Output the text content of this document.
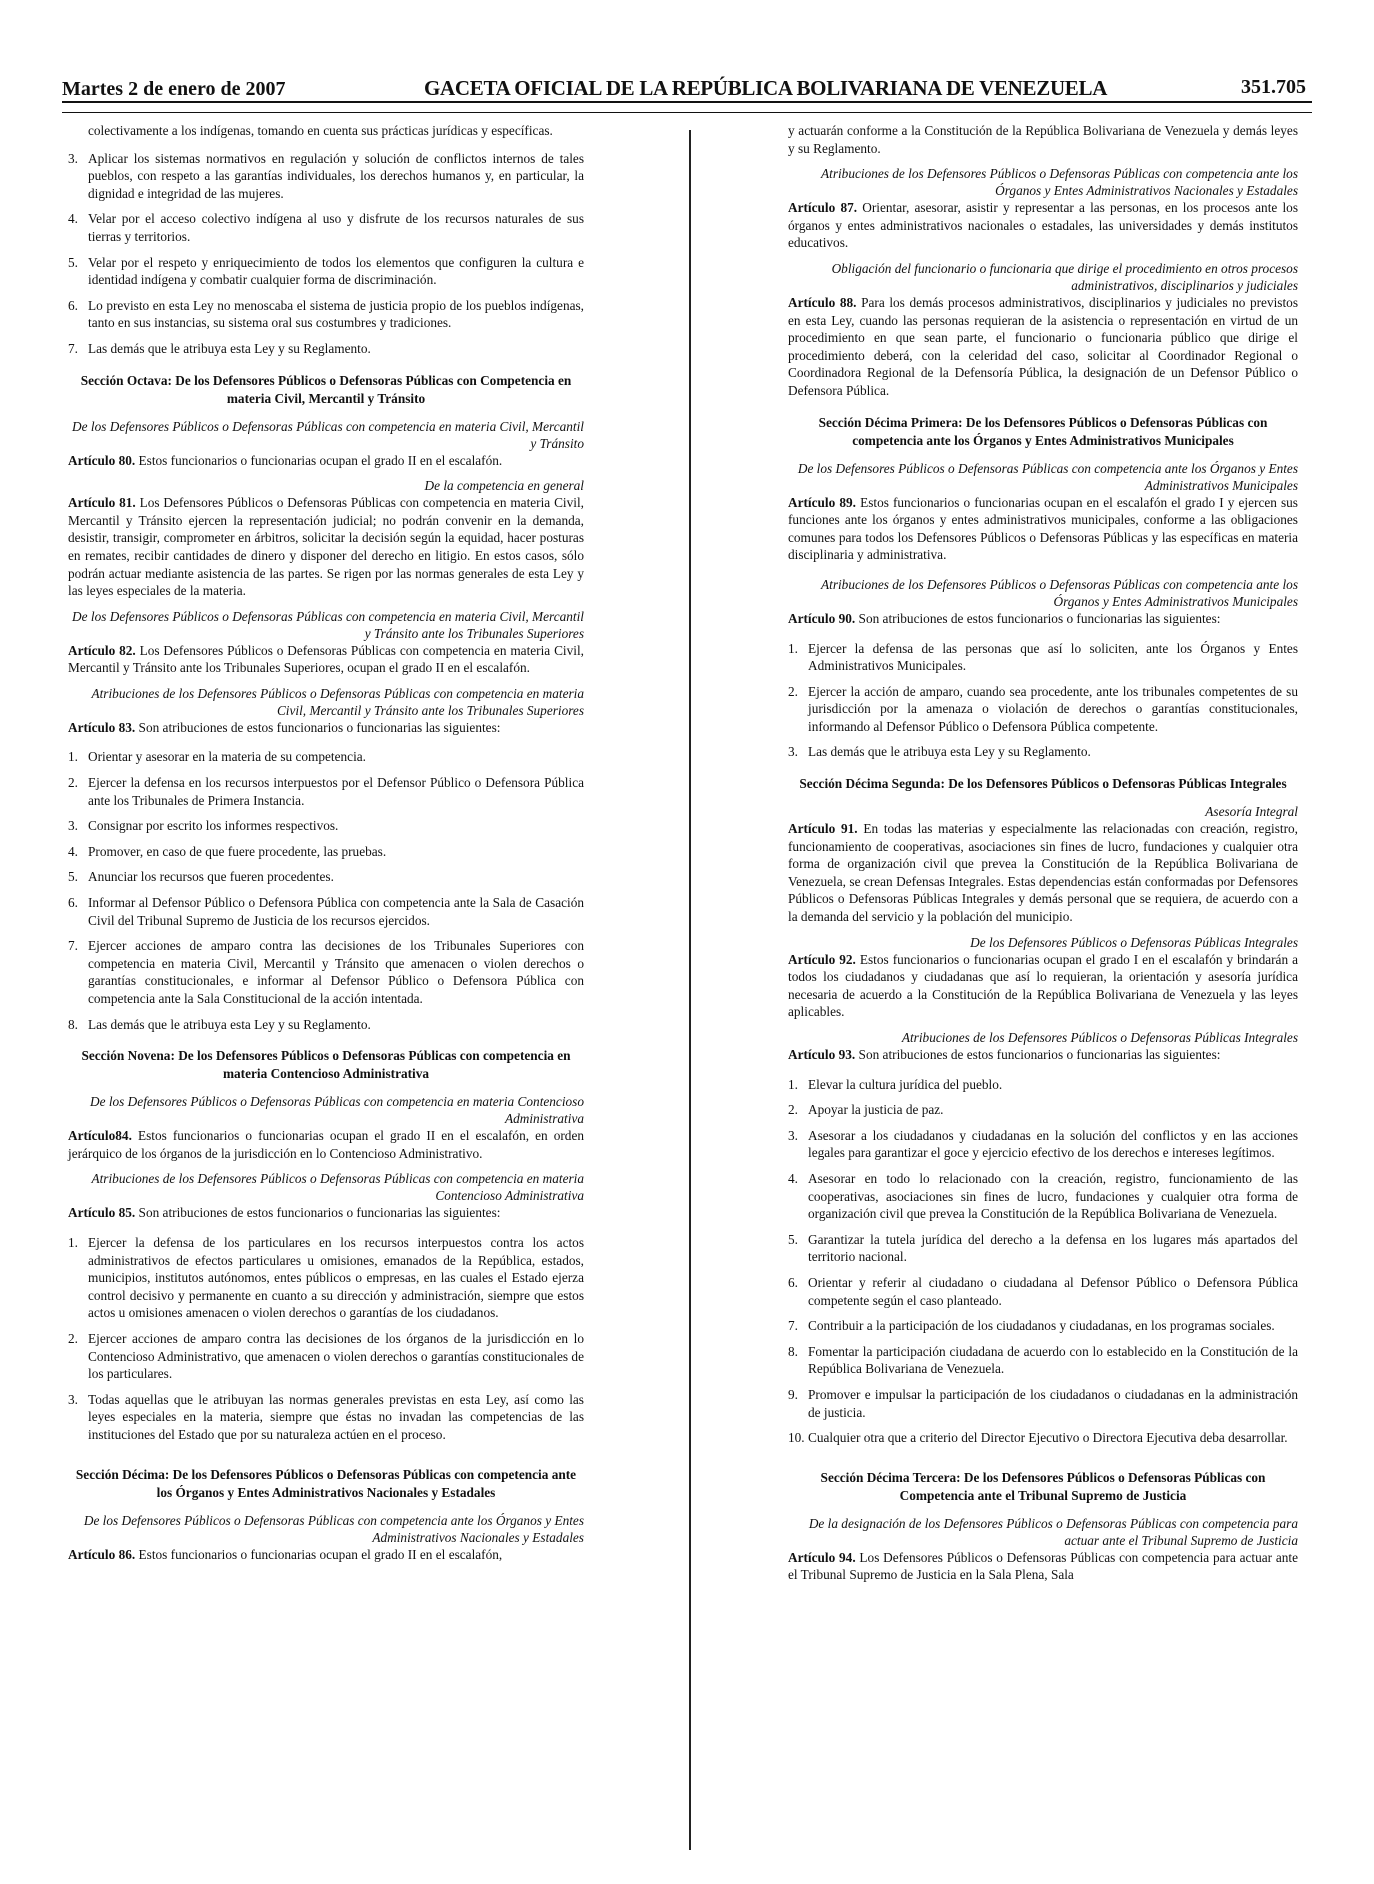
Martes 2 de enero de 2007	GACETA OFICIAL DE LA REPÚBLICA BOLIVARIANA DE VENEZUELA	351.705
colectivamente a los indígenas, tomando en cuenta sus prácticas jurídicas y específicas.
3. Aplicar los sistemas normativos en regulación y solución de conflictos internos de tales pueblos, con respeto a las garantías individuales, los derechos humanos y, en particular, la dignidad e integridad de las mujeres.
4. Velar por el acceso colectivo indígena al uso y disfrute de los recursos naturales de sus tierras y territorios.
5. Velar por el respeto y enriquecimiento de todos los elementos que configuren la cultura e identidad indígena y combatir cualquier forma de discriminación.
6. Lo previsto en esta Ley no menoscaba el sistema de justicia propio de los pueblos indígenas, tanto en sus instancias, su sistema oral sus costumbres y tradiciones.
7. Las demás que le atribuya esta Ley y su Reglamento.
Sección Octava: De los Defensores Públicos o Defensoras Públicas con Competencia en materia Civil, Mercantil y Tránsito
De los Defensores Públicos o Defensoras Públicas con competencia en materia Civil, Mercantil y Tránsito
Artículo 80. Estos funcionarios o funcionarias ocupan el grado II en el escalafón.
De la competencia en general
Artículo 81. Los Defensores Públicos o Defensoras Públicas con competencia en materia Civil, Mercantil y Tránsito ejercen la representación judicial; no podrán convenir en la demanda, desistir, transigir, comprometer en árbitros, solicitar la decisión según la equidad, hacer posturas en remates, recibir cantidades de dinero y disponer del derecho en litigio. En estos casos, sólo podrán actuar mediante asistencia de las partes. Se rigen por las normas generales de esta Ley y las leyes especiales de la materia.
De los Defensores Públicos o Defensoras Públicas con competencia en materia Civil, Mercantil y Tránsito ante los Tribunales Superiores
Artículo 82. Los Defensores Públicos o Defensoras Públicas con competencia en materia Civil, Mercantil y Tránsito ante los Tribunales Superiores, ocupan el grado II en el escalafón.
Atribuciones de los Defensores Públicos o Defensoras Públicas con competencia en materia Civil, Mercantil y Tránsito ante los Tribunales Superiores
Artículo 83. Son atribuciones de estos funcionarios o funcionarias las siguientes:
1. Orientar y asesorar en la materia de su competencia.
2. Ejercer la defensa en los recursos interpuestos por el Defensor Público o Defensora Pública ante los Tribunales de Primera Instancia.
3. Consignar por escrito los informes respectivos.
4. Promover, en caso de que fuere procedente, las pruebas.
5. Anunciar los recursos que fueren procedentes.
6. Informar al Defensor Público o Defensora Pública con competencia ante la Sala de Casación Civil del Tribunal Supremo de Justicia de los recursos ejercidos.
7. Ejercer acciones de amparo contra las decisiones de los Tribunales Superiores con competencia en materia Civil, Mercantil y Tránsito que amenacen o violen derechos o garantías constitucionales, e informar al Defensor Público o Defensora Pública con competencia ante la Sala Constitucional de la acción intentada.
8. Las demás que le atribuya esta Ley y su Reglamento.
Sección Novena: De los Defensores Públicos o Defensoras Públicas con competencia en materia Contencioso Administrativa
De los Defensores Públicos o Defensoras Públicas con competencia en materia Contencioso Administrativa
Artículo84. Estos funcionarios o funcionarias ocupan el grado II en el escalafón, en orden jerárquico de los órganos de la jurisdicción en lo Contencioso Administrativo.
Atribuciones de los Defensores Públicos o Defensoras Públicas con competencia en materia Contencioso Administrativa
Artículo 85. Son atribuciones de estos funcionarios o funcionarias las siguientes:
1. Ejercer la defensa de los particulares en los recursos interpuestos contra los actos administrativos de efectos particulares u omisiones, emanados de la República, estados, municipios, institutos autónomos, entes públicos o empresas, en las cuales el Estado ejerza control decisivo y permanente en cuanto a su dirección y administración, siempre que estos actos u omisiones amenacen o violen derechos o garantías de los ciudadanos.
2. Ejercer acciones de amparo contra las decisiones de los órganos de la jurisdicción en lo Contencioso Administrativo, que amenacen o violen derechos o garantías constitucionales de los particulares.
3. Todas aquellas que le atribuyan las normas generales previstas en esta Ley, así como las leyes especiales en la materia, siempre que éstas no invadan las competencias de las instituciones del Estado que por su naturaleza actúen en el proceso.
Sección Décima: De los Defensores Públicos o Defensoras Públicas con competencia ante los Órganos y Entes Administrativos Nacionales y Estadales
De los Defensores Públicos o Defensoras Públicas con competencia ante los Órganos y Entes Administrativos Nacionales y Estadales
Artículo 86. Estos funcionarios o funcionarias ocupan el grado II en el escalafón,
y actuarán conforme a la Constitución de la República Bolivariana de Venezuela y demás leyes y su Reglamento.
Atribuciones de los Defensores Públicos o Defensoras Públicas con competencia ante los Órganos y Entes Administrativos Nacionales y Estadales
Artículo 87. Orientar, asesorar, asistir y representar a las personas, en los procesos ante los órganos y entes administrativos nacionales o estadales, las universidades y demás institutos educativos.
Obligación del funcionario o funcionaria que dirige el procedimiento en otros procesos administrativos, disciplinarios y judiciales
Artículo 88. Para los demás procesos administrativos, disciplinarios y judiciales no previstos en esta Ley, cuando las personas requieran de la asistencia o representación en virtud de un procedimiento en que sean parte, el funcionario o funcionaria público que dirige el procedimiento deberá, con la celeridad del caso, solicitar al Coordinador Regional o Coordinadora Regional de la Defensoría Pública, la designación de un Defensor Público o Defensora Pública.
Sección Décima Primera: De los Defensores Públicos o Defensoras Públicas con competencia ante los Órganos y Entes Administrativos Municipales
De los Defensores Públicos o Defensoras Públicas con competencia ante los Órganos y Entes Administrativos Municipales
Artículo 89. Estos funcionarios o funcionarias ocupan en el escalafón el grado I y ejercen sus funciones ante los órganos y entes administrativos municipales, conforme a las obligaciones comunes para todos los Defensores Públicos o Defensoras Públicas y las específicas en materia disciplinaria y administrativa.
Atribuciones de los Defensores Públicos o Defensoras Públicas con competencia ante los Órganos y Entes Administrativos Municipales
Artículo 90. Son atribuciones de estos funcionarios o funcionarias las siguientes:
1. Ejercer la defensa de las personas que así lo soliciten, ante los Órganos y Entes Administrativos Municipales.
2. Ejercer la acción de amparo, cuando sea procedente, ante los tribunales competentes de su jurisdicción por la amenaza o violación de derechos o garantías constitucionales, informando al Defensor Público o Defensora Pública competente.
3. Las demás que le atribuya esta Ley y su Reglamento.
Sección Décima Segunda: De los Defensores Públicos o Defensoras Públicas Integrales
Asesoría Integral
Artículo 91. En todas las materias y especialmente las relacionadas con creación, registro, funcionamiento de cooperativas, asociaciones sin fines de lucro, fundaciones y cualquier otra forma de organización civil que prevea la Constitución de la República Bolivariana de Venezuela, se crean Defensas Integrales. Estas dependencias están conformadas por Defensores Públicos o Defensoras Públicas Integrales y demás personal que se requiera, de acuerdo con a la demanda del servicio y la población del municipio.
De los Defensores Públicos o Defensoras Públicas Integrales
Artículo 92. Estos funcionarios o funcionarias ocupan el grado I en el escalafón y brindarán a todos los ciudadanos y ciudadanas que así lo requieran, la orientación y asesoría jurídica necesaria de acuerdo a la Constitución de la República Bolivariana de Venezuela y las leyes aplicables.
Atribuciones de los Defensores Públicos o Defensoras Públicas Integrales
Artículo 93. Son atribuciones de estos funcionarios o funcionarias las siguientes:
1. Elevar la cultura jurídica del pueblo.
2. Apoyar la justicia de paz.
3. Asesorar a los ciudadanos y ciudadanas en la solución del conflictos y en las acciones legales para garantizar el goce y ejercicio efectivo de los derechos e intereses legítimos.
4. Asesorar en todo lo relacionado con la creación, registro, funcionamiento de las cooperativas, asociaciones sin fines de lucro, fundaciones y cualquier otra forma de organización civil que prevea la Constitución de la República Bolivariana de Venezuela.
5. Garantizar la tutela jurídica del derecho a la defensa en los lugares más apartados del territorio nacional.
6. Orientar y referir al ciudadano o ciudadana al Defensor Público o Defensora Pública competente según el caso planteado.
7. Contribuir a la participación de los ciudadanos y ciudadanas, en los programas sociales.
8. Fomentar la participación ciudadana de acuerdo con lo establecido en la Constitución de la República Bolivariana de Venezuela.
9. Promover e impulsar la participación de los ciudadanos o ciudadanas en la administración de justicia.
10. Cualquier otra que a criterio del Director Ejecutivo o Directora Ejecutiva deba desarrollar.
Sección Décima Tercera: De los Defensores Públicos o Defensoras Públicas con Competencia ante el Tribunal Supremo de Justicia
De la designación de los Defensores Públicos o Defensoras Públicas con competencia para actuar ante el Tribunal Supremo de Justicia
Artículo 94. Los Defensores Públicos o Defensoras Públicas con competencia para actuar ante el Tribunal Supremo de Justicia en la Sala Plena, Sala
